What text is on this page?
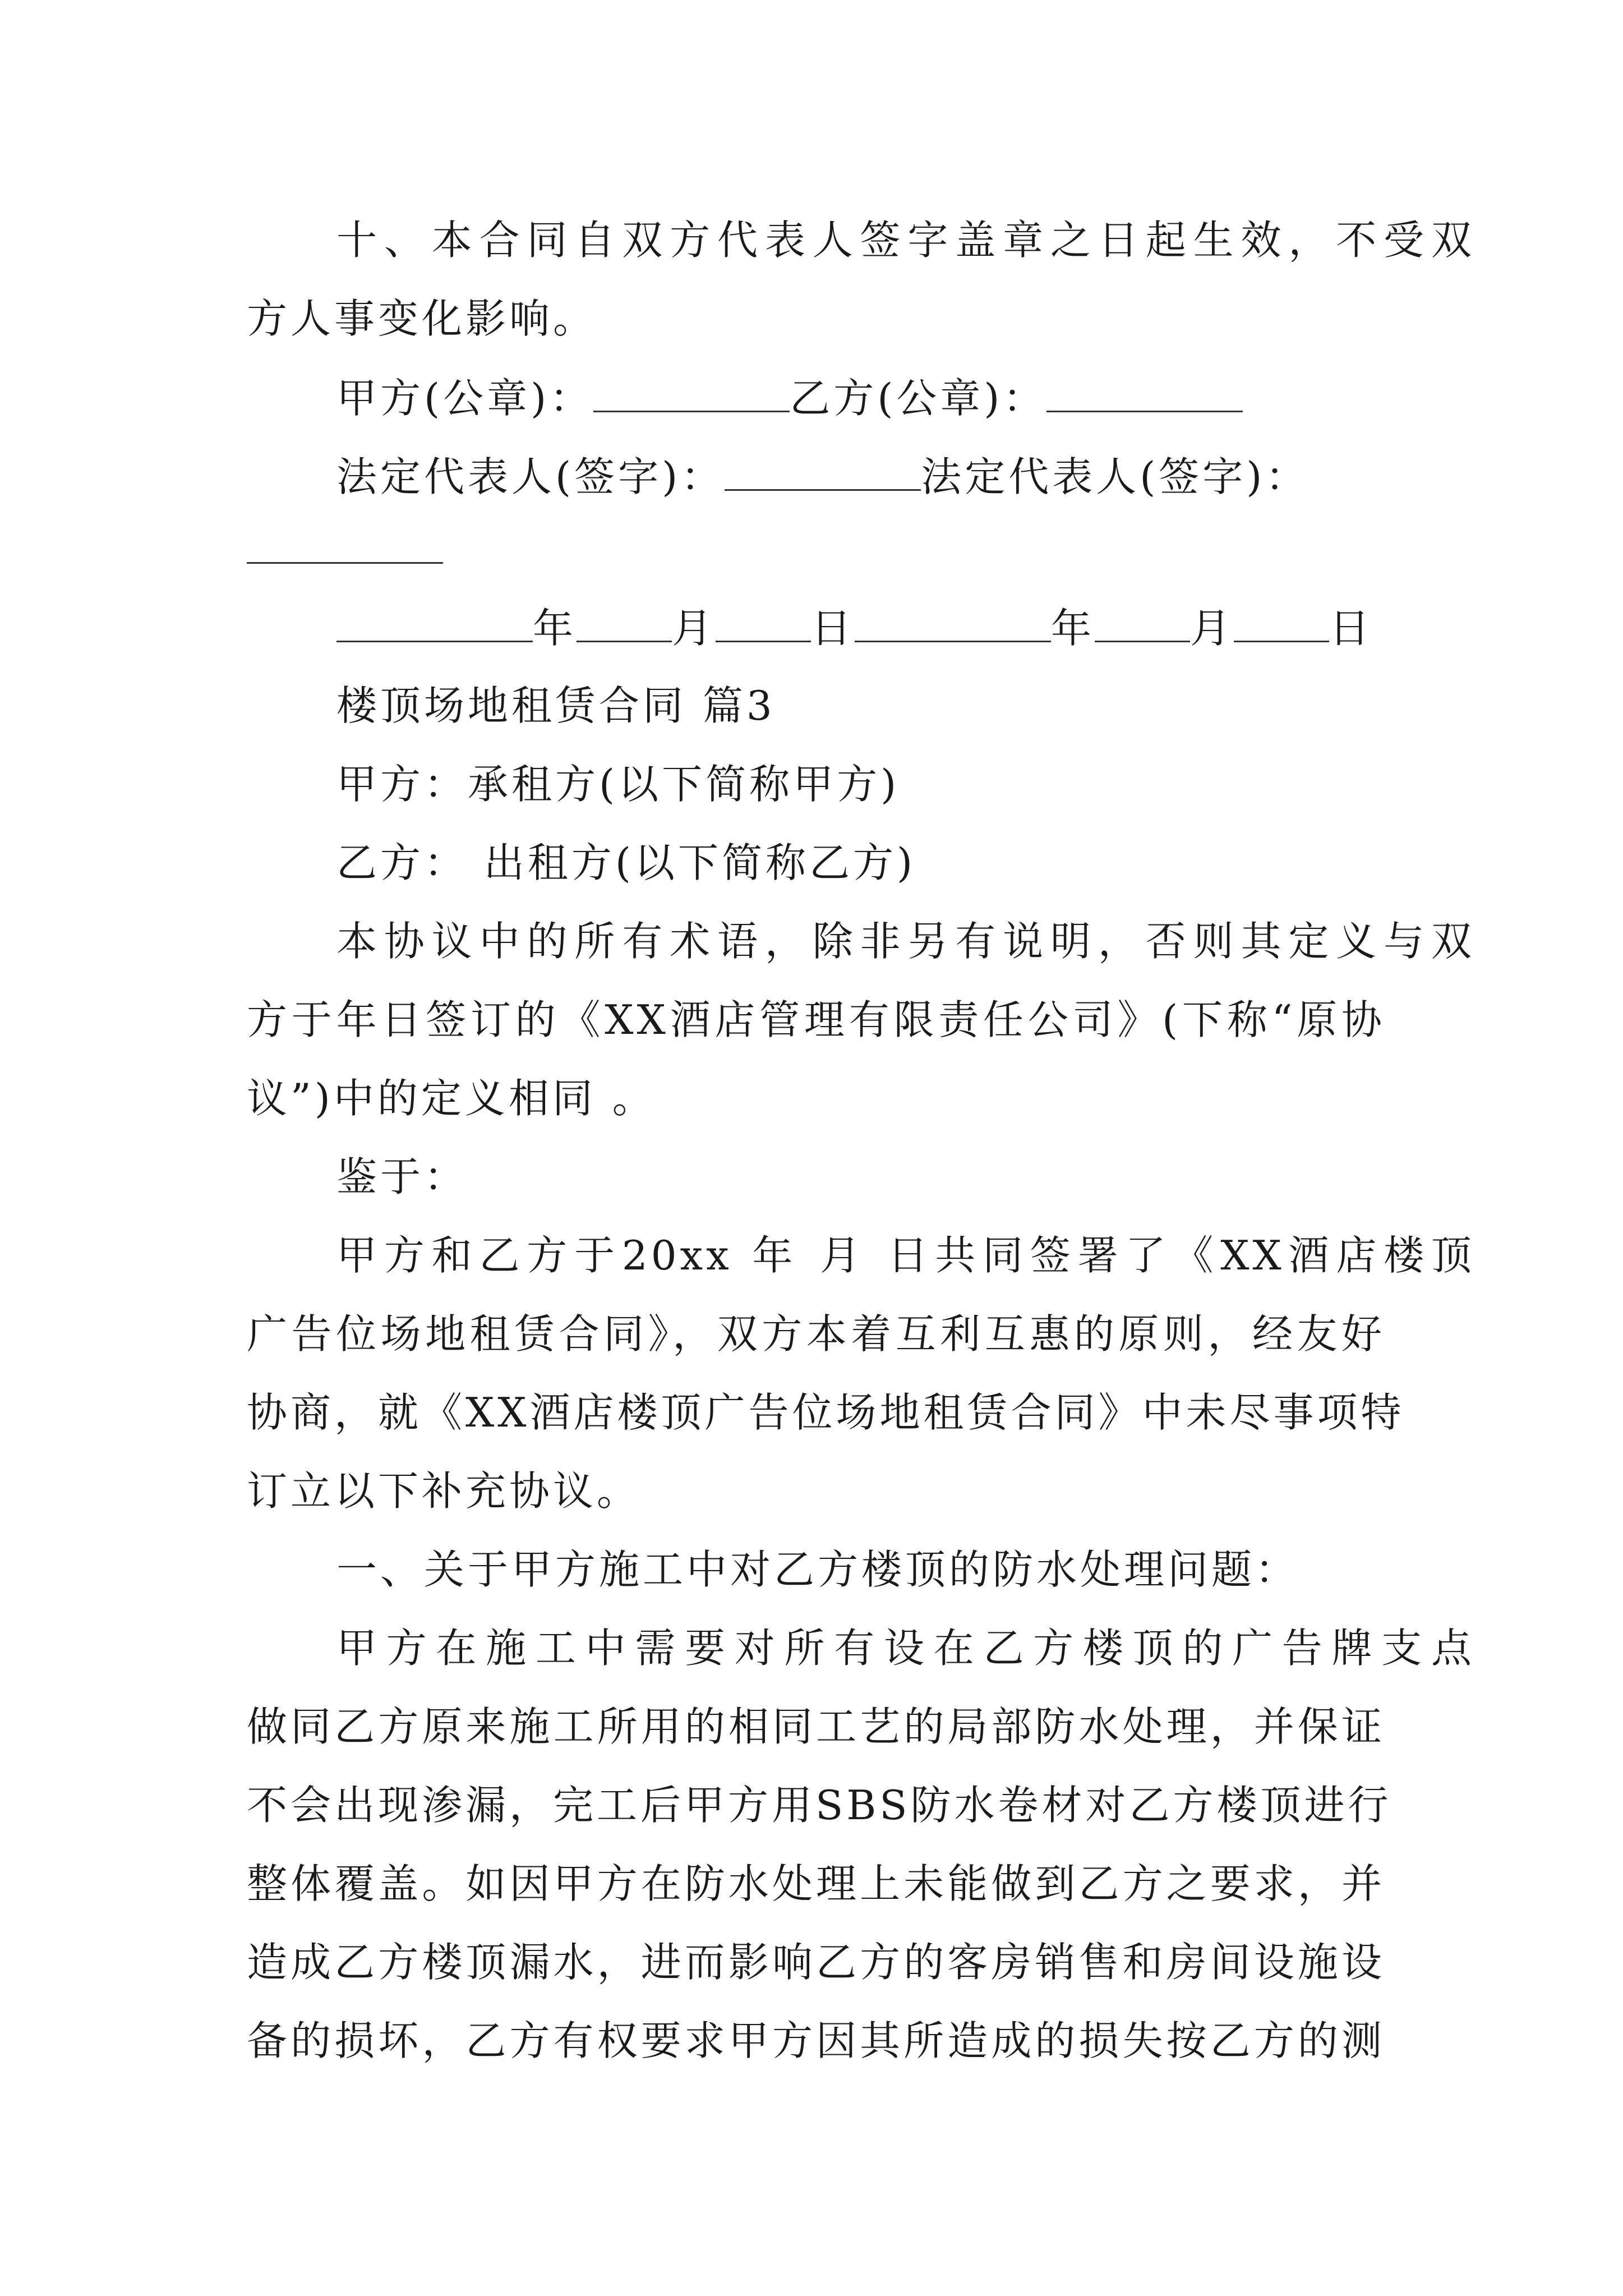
十、本合同自双方代表人签字盖章之日起生效，不受双
方人事变化影响。
甲方(公章)：	乙方(公章)：
法定代表人(签字)：	法定代表人(签字)：
年 月 日	年 月 日
楼顶场地租赁合同 篇3
甲方：承租方(以下简称甲方)
乙方： 出租方(以下简称乙方)
本协议中的所有术语，除非另有说明，否则其定义与双
方于年日签订的《XX酒店管理有限责任公司》(下称“原协
议”)中的定义相同 。
鉴于：
甲方和乙方于20xx 年 月 日共同签署了《XX酒店楼顶
广告位场地租赁合同》，双方本着互利互惠的原则，经友好
协商，就《XX酒店楼顶广告位场地租赁合同》中未尽事项特
订立以下补充协议。
一、关于甲方施工中对乙方楼顶的防水处理问题：
甲方在施工中需要对所有设在乙方楼顶的广告牌支点
做同乙方原来施工所用的相同工艺的局部防水处理，并保证
不会出现渗漏，完工后甲方用SBS防水卷材对乙方楼顶进行
整体覆盖。如因甲方在防水处理上未能做到乙方之要求，并
造成乙方楼顶漏水，进而影响乙方的客房销售和房间设施设
备的损坏，乙方有权要求甲方因其所造成的损失按乙方的测
